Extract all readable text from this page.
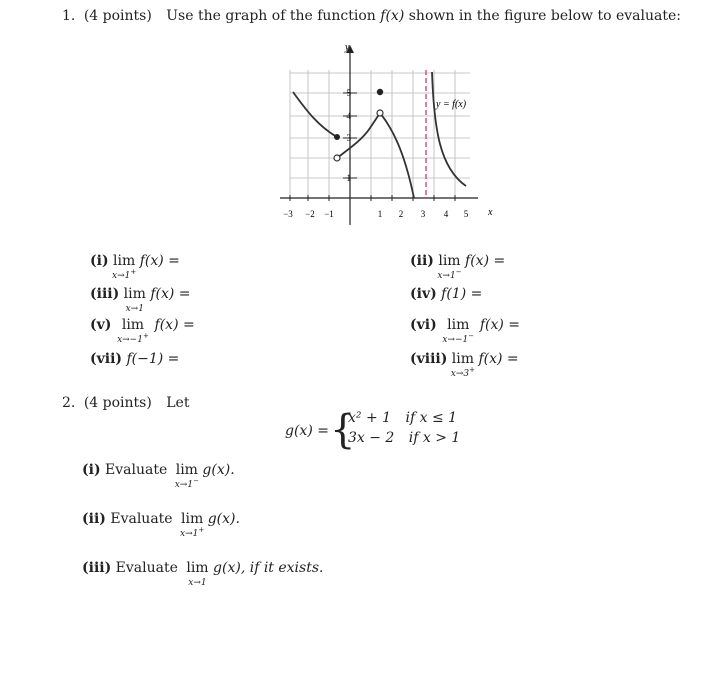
1. (4 points) Use the graph of the function f(x) shown in the figure below to evaluate:
y
x
−3 −2 −1	1 2 3 4 5
1
3
4
5
y = f(x)
(i) lim
x→1+
f(x) =
(iii) lim
x→1
f(x) =
(v) lim
x→−1+
f(x) =
(vii) f(−1) =
(ii) lim
x→1−
f(x) =
(iv) f(1) =
(vi) lim
x→−1−
f(x) =
(viii) lim
x→3+
f(x) =
2. (4 points) Let
g(x) = {
x² + 1 if x ≤ 1
3x − 2 if x > 1
(i) Evaluate lim
x→1−
g(x).
(ii) Evaluate lim
x→1+
g(x).
(iii) Evaluate lim
x→1
g(x), if it exists.
